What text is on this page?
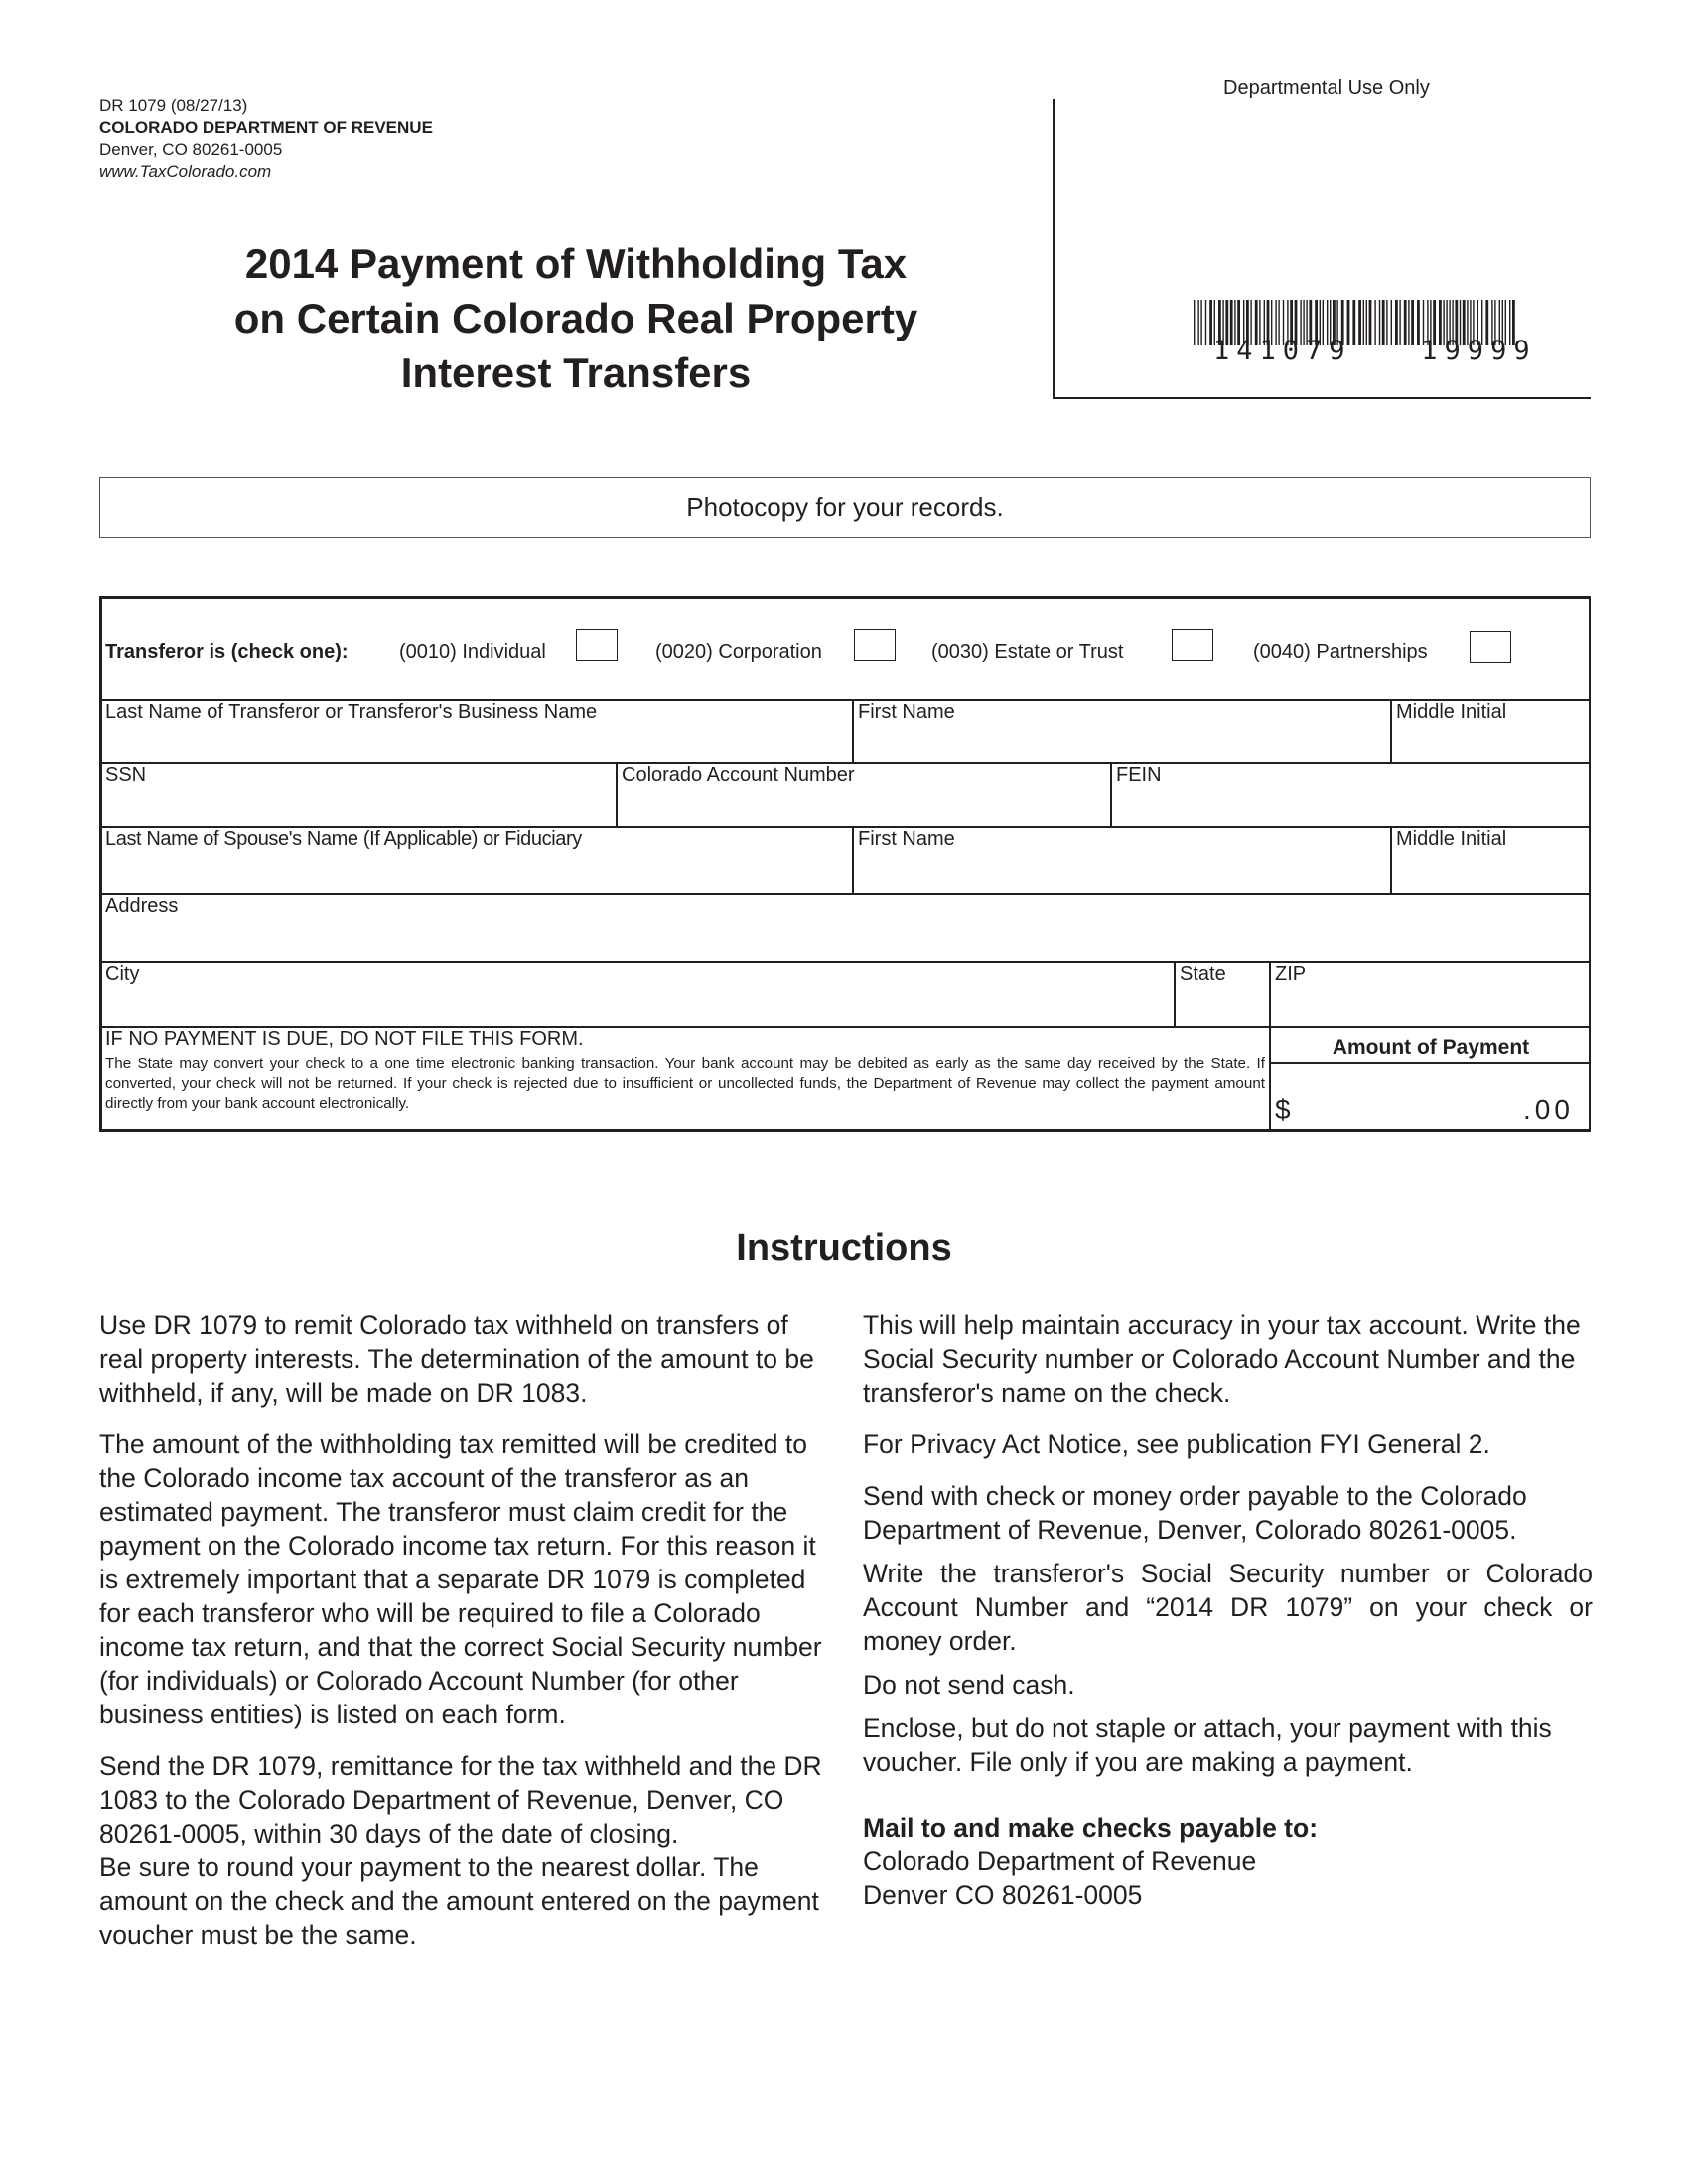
DR 1079 (08/27/13)
COLORADO DEPARTMENT OF REVENUE
Denver, CO 80261-0005
www.TaxColorado.com
Departmental Use Only
141079   19999
2014 Payment of Withholding Tax
on Certain Colorado Real Property
Interest Transfers
Photocopy for your records.
Transferor is (check one):	(0010) Individual	(0020) Corporation	(0030) Estate or Trust	(0040) Partnerships
Last Name of Transferor or Transferor's Business Name	First Name	Middle Initial
SSN	Colorado Account Number	FEIN
Last Name of Spouse's Name (If Applicable) or Fiduciary	First Name	Middle Initial
Address
City	State ZIP
IF NO PAYMENT IS DUE, DO NOT FILE THIS FORM.
The State may convert your check to a one time electronic banking transaction. Your bank account may be debited as early as the same day received by the State. If converted, your check will not be returned. If your check is rejected due to insufficient or uncollected funds, the Department of Revenue may collect the payment amount directly from your bank account electronically.
Amount of Payment
$	.00
Instructions

Use DR 1079 to remit Colorado tax withheld on transfers of real property interests. The determination of the amount to be withheld, if any, will be made on DR 1083.

The amount of the withholding tax remitted will be credited to the Colorado income tax account of the transferor as an estimated payment. The transferor must claim credit for the payment on the Colorado income tax return. For this reason it is extremely important that a separate DR 1079 is completed for each transferor who will be required to file a Colorado income tax return, and that the correct Social Security number (for individuals) or Colorado Account Number (for other business entities) is listed on each form.

Send the DR 1079, remittance for the tax withheld and the DR 1083 to the Colorado Department of Revenue, Denver, CO 80261-0005, within 30 days of the date of closing.

Be sure to round your payment to the nearest dollar. The amount on the check and the amount entered on the payment voucher must be the same.

This will help maintain accuracy in your tax account. Write the Social Security number or Colorado Account Number and the transferor's name on the check.

For Privacy Act Notice, see publication FYI General 2.

Send with check or money order payable to the Colorado Department of Revenue, Denver, Colorado 80261-0005.

Write the transferor's Social Security number or Colorado Account Number and “2014 DR 1079” on your check or money order.

Do not send cash.

Enclose, but do not staple or attach, your payment with this voucher. File only if you are making a payment.

Mail to and make checks payable to:
Colorado Department of Revenue
Denver CO 80261-0005
